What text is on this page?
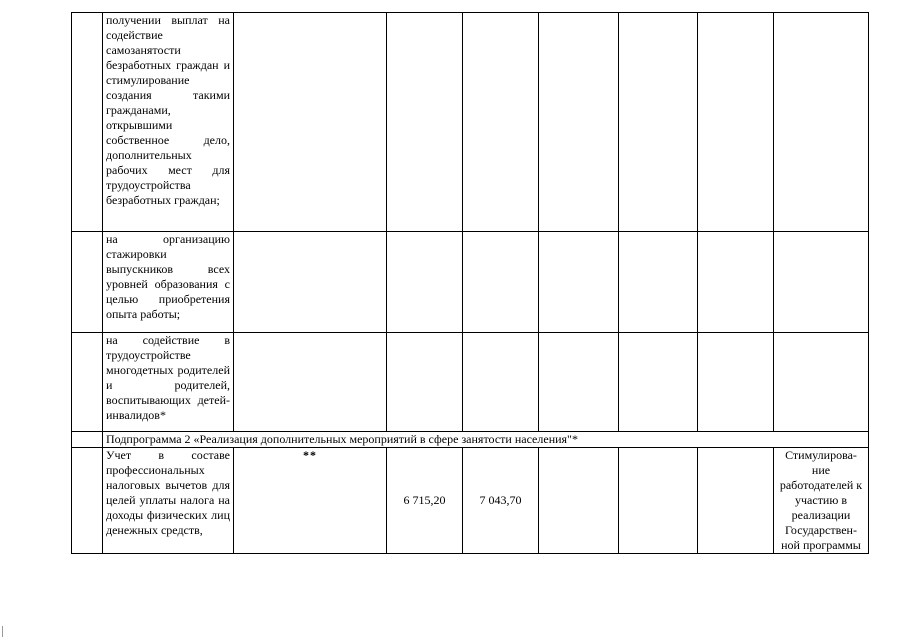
	получении выплат на содействие самозанятости безработных граждан и стимулирование создания такими гражданами, открывшими собственное дело, дополнительных рабочих мест для трудоустройства безработных граждан;							

	на организацию стажировки выпускников всех уровней образования с целью приобретения опыта работы;							

	на содействие в трудоустройстве многодетных родителей и родителей, воспитывающих детей-инвалидов*							

	Подпрограмма 2 «Реализация дополнительных мероприятий в сфере занятости населения"*							

	Учет в составе профессиональных налоговых вычетов для целей уплаты налога на доходы физических лиц денежных средств,	**	6 715,20	7 043,70				Стимулирова-ние работодателей к участию в реализации Государствен-ной программы
